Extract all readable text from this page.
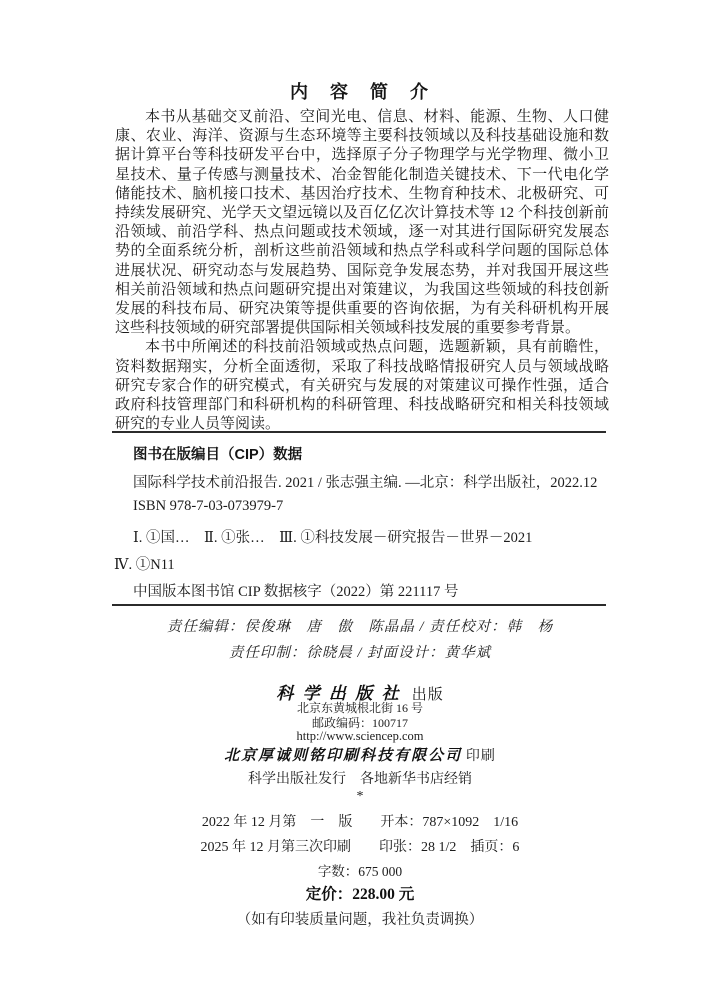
内　容　简　介

本书从基础交叉前沿、空间光电、信息、材料、能源、生物、人口健康、农业、海洋、资源与生态环境等主要科技领域以及科技基础设施和数据计算平台等科技研发平台中，选择原子分子物理学与光学物理、微小卫星技术、量子传感与测量技术、冶金智能化制造关键技术、下一代电化学储能技术、脑机接口技术、基因治疗技术、生物育种技术、北极研究、可持续发展研究、光学天文望远镜以及百亿亿次计算技术等 12 个科技创新前沿领域、前沿学科、热点问题或技术领域，逐一对其进行国际研究发展态势的全面系统分析，剖析这些前沿领域和热点学科或科学问题的国际总体进展状况、研究动态与发展趋势、国际竞争发展态势，并对我国开展这些相关前沿领域和热点问题研究提出对策建议，为我国这些领域的科技创新发展的科技布局、研究决策等提供重要的咨询依据，为有关科研机构开展这些科技领域的研究部署提供国际相关领域科技发展的重要参考背景。

本书中所阐述的科技前沿领域或热点问题，选题新颖，具有前瞻性，资料数据翔实，分析全面透彻，采取了科技战略情报研究人员与领域战略研究专家合作的研究模式，有关研究与发展的对策建议可操作性强，适合政府科技管理部门和科研机构的科研管理、科技战略研究和相关科技领域研究的专业人员等阅读。

图书在版编目（CIP）数据
国际科学技术前沿报告. 2021 / 张志强主编. —北京：科学出版社，2022.12
ISBN 978-7-03-073979-7
Ⅰ. ①国…　Ⅱ. ①张…　Ⅲ. ①科技发展－研究报告－世界－2021
Ⅳ. ①N11
中国版本图书馆 CIP 数据核字（2022）第 221117 号
责任编辑：侯俊琳　唐　傲　陈晶晶 / 责任校对：韩　杨
责任印制：徐晓晨 / 封面设计：黄华斌
科学出版社 出版
北京东黄城根北街 16 号
邮政编码：100717
http://www.sciencep.com
北京厚诚则铭印刷科技有限公司 印刷
科学出版社发行　各地新华书店经销
*
2022 年 12 月第　一　版　　开本：787×1092　1/16
2025 年 12 月第三次印刷　　印张：28 1/2　插页：6
字数：675 000
定价：228.00 元
（如有印装质量问题，我社负责调换）
